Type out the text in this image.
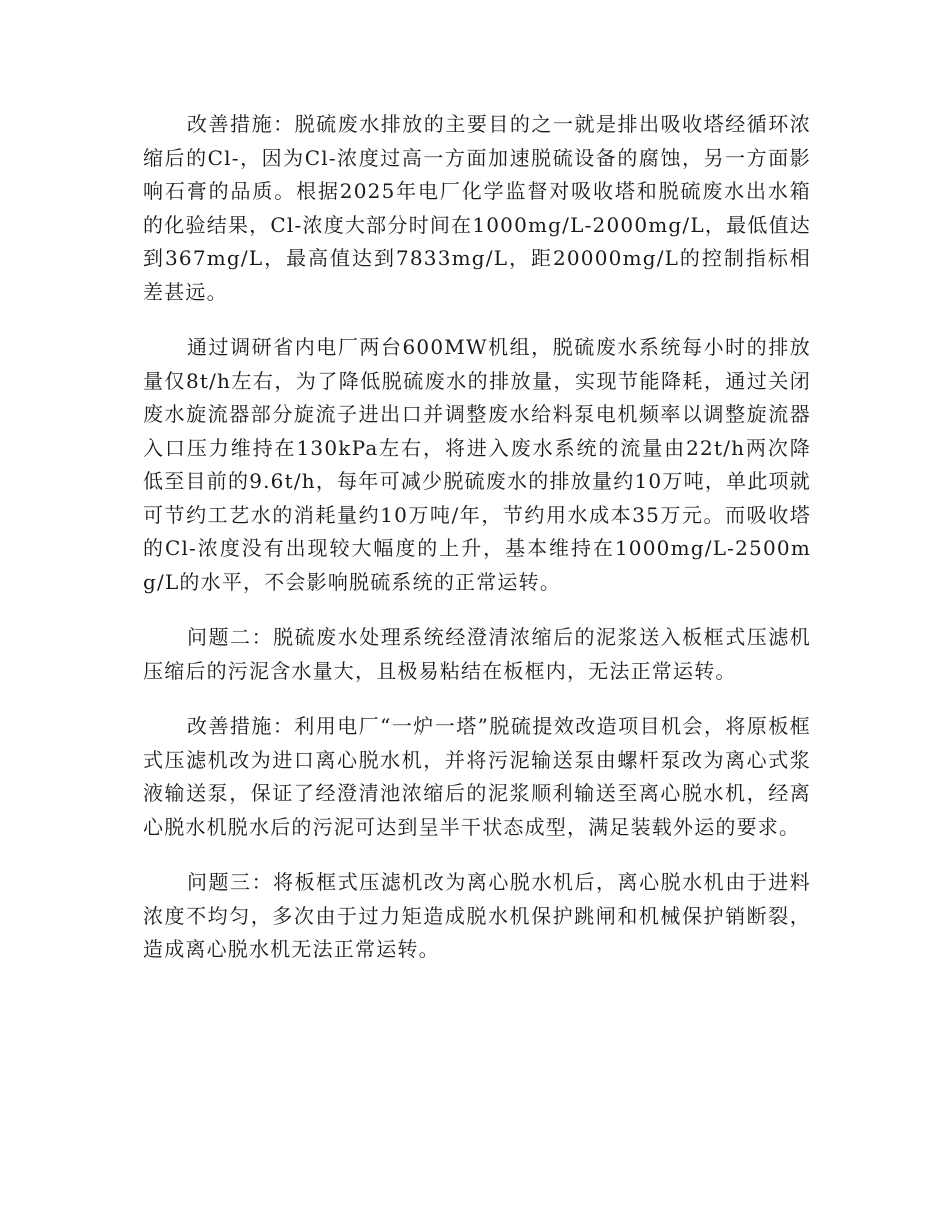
改善措施：脱硫废水排放的主要目的之一就是排出吸收塔经循环浓缩后的Cl-，因为Cl-浓度过高一方面加速脱硫设备的腐蚀，另一方面影响石膏的品质。根据2025年电厂化学监督对吸收塔和脱硫废水出水箱的化验结果，Cl-浓度大部分时间在1000mg/L-2000mg/L，最低值达到367mg/L，最高值达到7833mg/L，距20000mg/L的控制指标相差甚远。

通过调研省内电厂两台600MW机组，脱硫废水系统每小时的排放量仅8t/h左右，为了降低脱硫废水的排放量，实现节能降耗，通过关闭废水旋流器部分旋流子进出口并调整废水给料泵电机频率以调整旋流器入口压力维持在130kPa左右，将进入废水系统的流量由22t/h两次降低至目前的9.6t/h，每年可减少脱硫废水的排放量约10万吨，单此项就可节约工艺水的消耗量约10万吨/年，节约用水成本35万元。而吸收塔的Cl-浓度没有出现较大幅度的上升，基本维持在1000mg/L-2500mg/L的水平，不会影响脱硫系统的正常运转。

问题二：脱硫废水处理系统经澄清浓缩后的泥浆送入板框式压滤机压缩后的污泥含水量大，且极易粘结在板框内，无法正常运转。

改善措施：利用电厂“一炉一塔”脱硫提效改造项目机会，将原板框式压滤机改为进口离心脱水机，并将污泥输送泵由螺杆泵改为离心式浆液输送泵，保证了经澄清池浓缩后的泥浆顺利输送至离心脱水机，经离心脱水机脱水后的污泥可达到呈半干状态成型，满足装载外运的要求。

问题三：将板框式压滤机改为离心脱水机后，离心脱水机由于进料浓度不均匀，多次由于过力矩造成脱水机保护跳闸和机械保护销断裂，造成离心脱水机无法正常运转。
